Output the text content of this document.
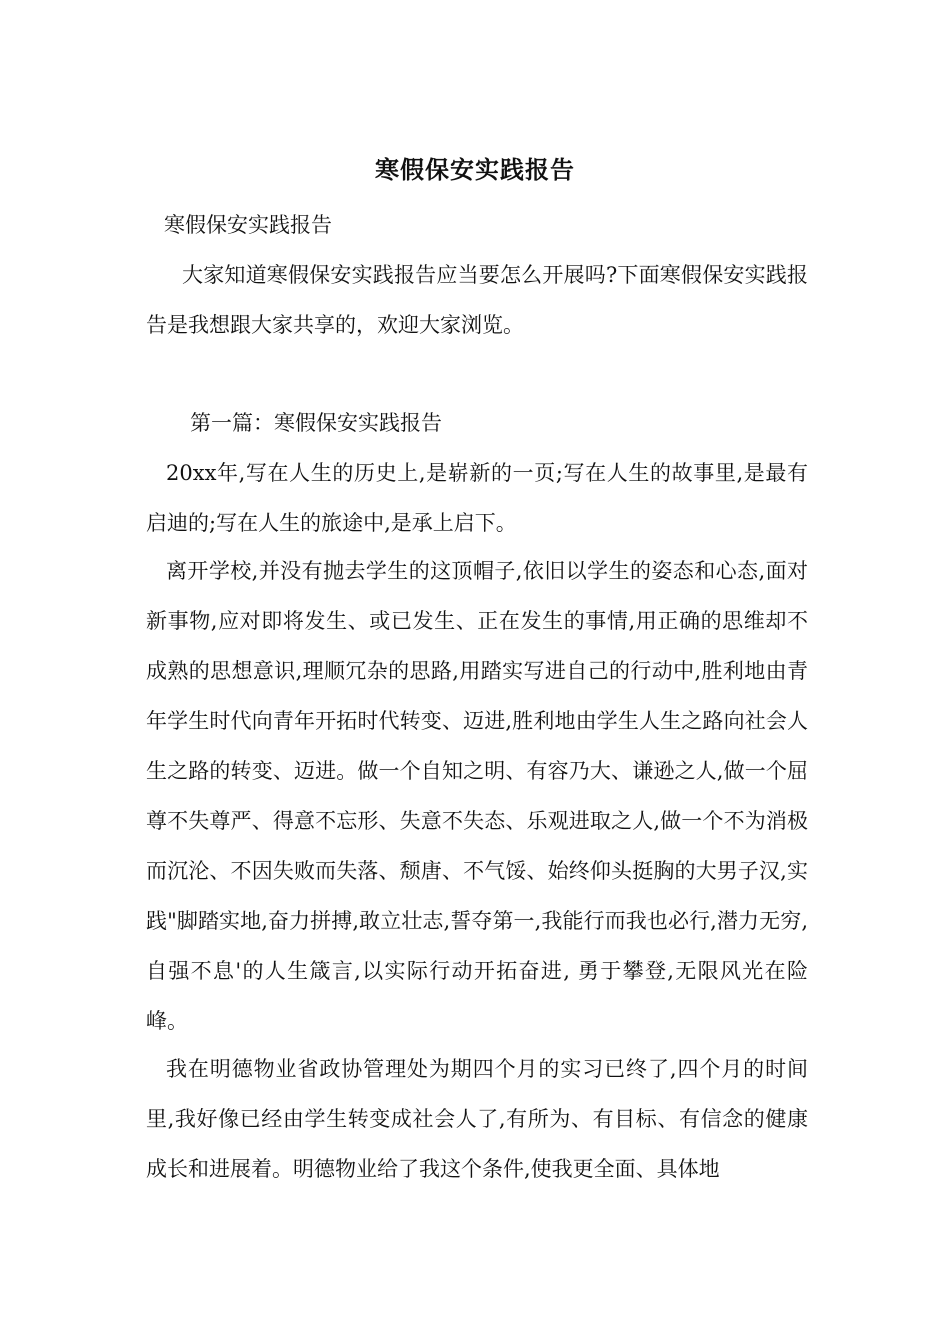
寒假保安实践报告
寒假保安实践报告
大家知道寒假保安实践报告应当要怎么开展吗?下面寒假保安实践报告是我想跟大家共享的，欢迎大家浏览。
第一篇：寒假保安实践报告
20xx年,写在人生的历史上,是崭新的一页;写在人生的故事里,是最有启迪的;写在人生的旅途中,是承上启下。
离开学校,并没有抛去学生的这顶帽子,依旧以学生的姿态和心态,面对新事物,应对即将发生、或已发生、正在发生的事情,用正确的思维却不成熟的思想意识,理顺冗杂的思路,用踏实写进自己的行动中,胜利地由青年学生时代向青年开拓时代转变、迈进,胜利地由学生人生之路向社会人生之路的转变、迈进。做一个自知之明、有容乃大、谦逊之人,做一个屈尊不失尊严、得意不忘形、失意不失态、乐观进取之人,做一个不为消极而沉沦、不因失败而失落、颓唐、不气馁、始终仰头挺胸的大男子汉,实践"脚踏实地,奋力拼搏,敢立壮志,誓夺第一,我能行而我也必行,潜力无穷,自强不息'的人生箴言,以实际行动开拓奋进, 勇于攀登,无限风光在险峰。
我在明德物业省政协管理处为期四个月的实习已终了,四个月的时间里,我好像已经由学生转变成社会人了,有所为、有目标、有信念的健康成长和进展着。明德物业给了我这个条件,使我更全面、具体地
